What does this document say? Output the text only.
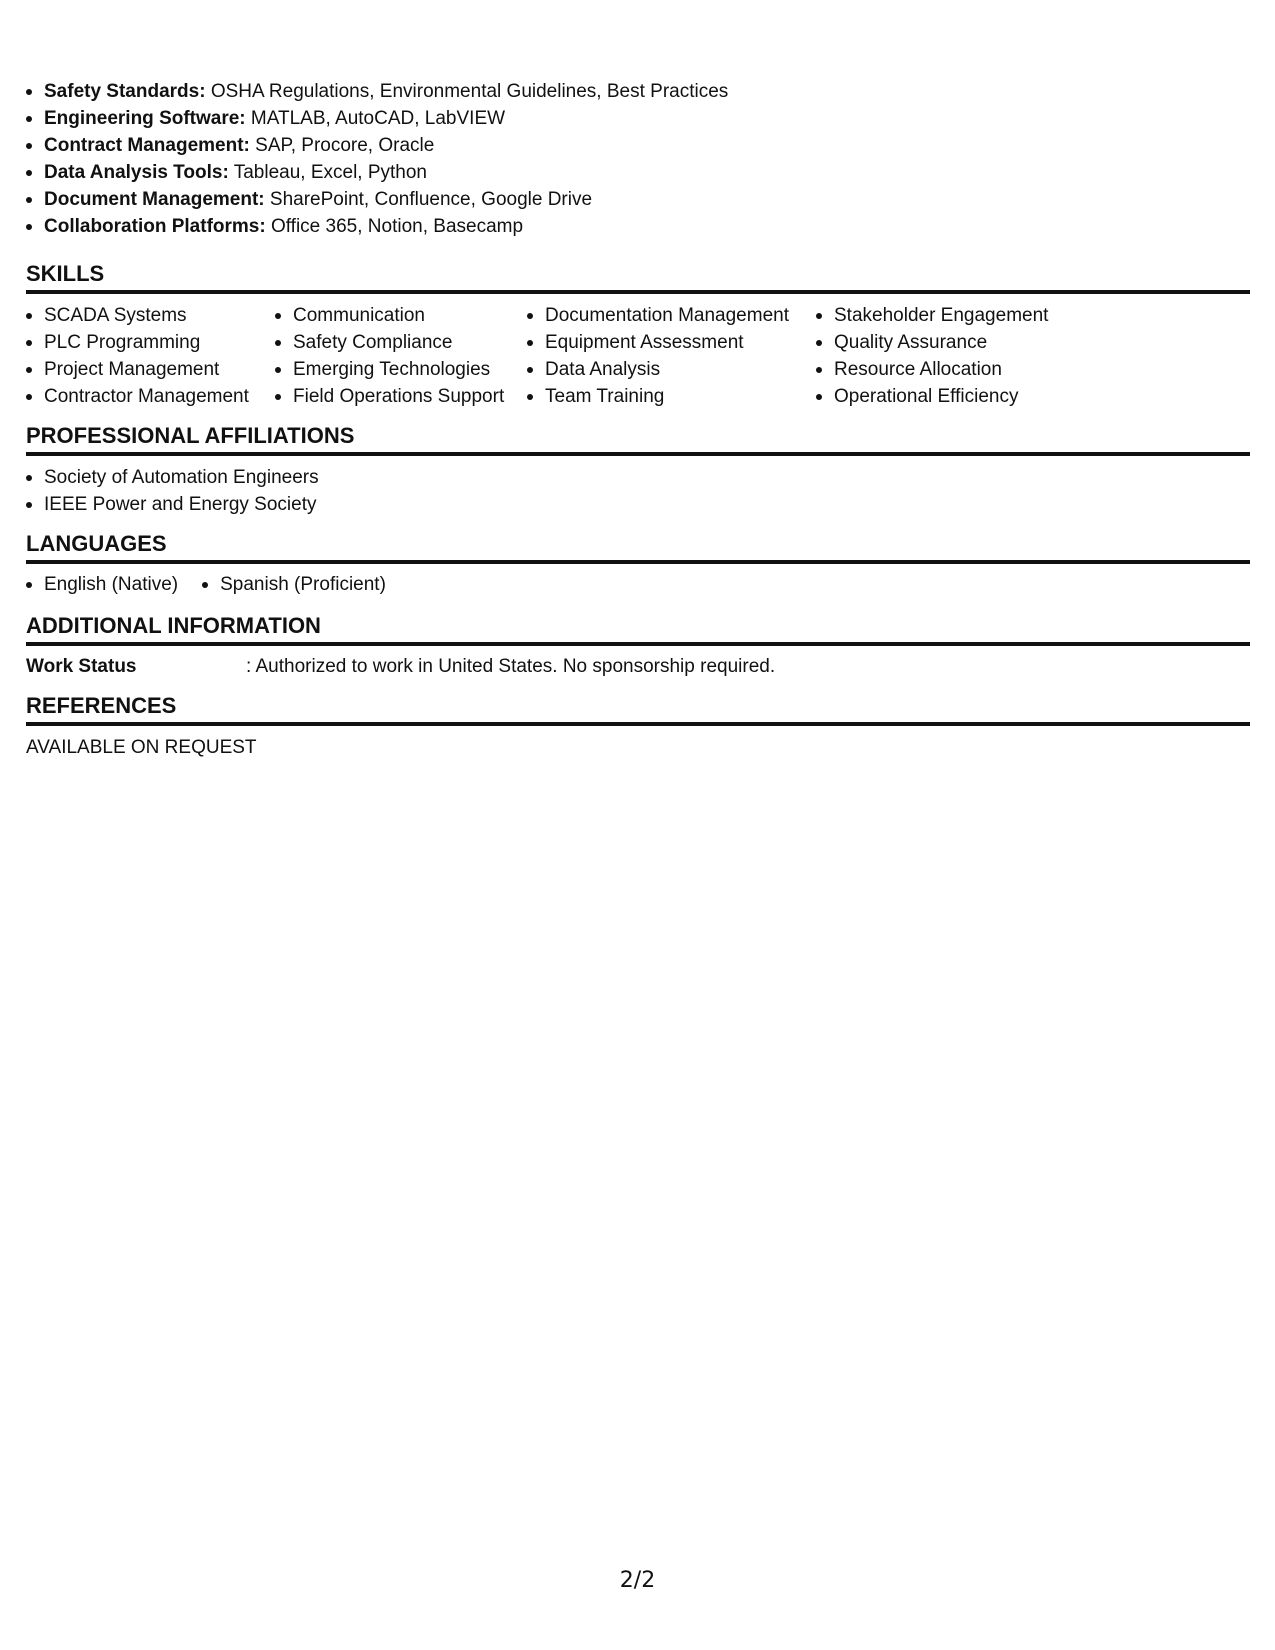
Safety Standards: OSHA Regulations, Environmental Guidelines, Best Practices
Engineering Software: MATLAB, AutoCAD, LabVIEW
Contract Management: SAP, Procore, Oracle
Data Analysis Tools: Tableau, Excel, Python
Document Management: SharePoint, Confluence, Google Drive
Collaboration Platforms: Office 365, Notion, Basecamp
SKILLS
SCADA Systems
PLC Programming
Project Management
Contractor Management
Communication
Safety Compliance
Emerging Technologies
Field Operations Support
Documentation Management
Equipment Assessment
Data Analysis
Team Training
Stakeholder Engagement
Quality Assurance
Resource Allocation
Operational Efficiency
PROFESSIONAL AFFILIATIONS
Society of Automation Engineers
IEEE Power and Energy Society
LANGUAGES
English (Native)	Spanish (Proficient)
ADDITIONAL INFORMATION
Work Status	: Authorized to work in United States. No sponsorship required.
REFERENCES
AVAILABLE ON REQUEST
2/2
